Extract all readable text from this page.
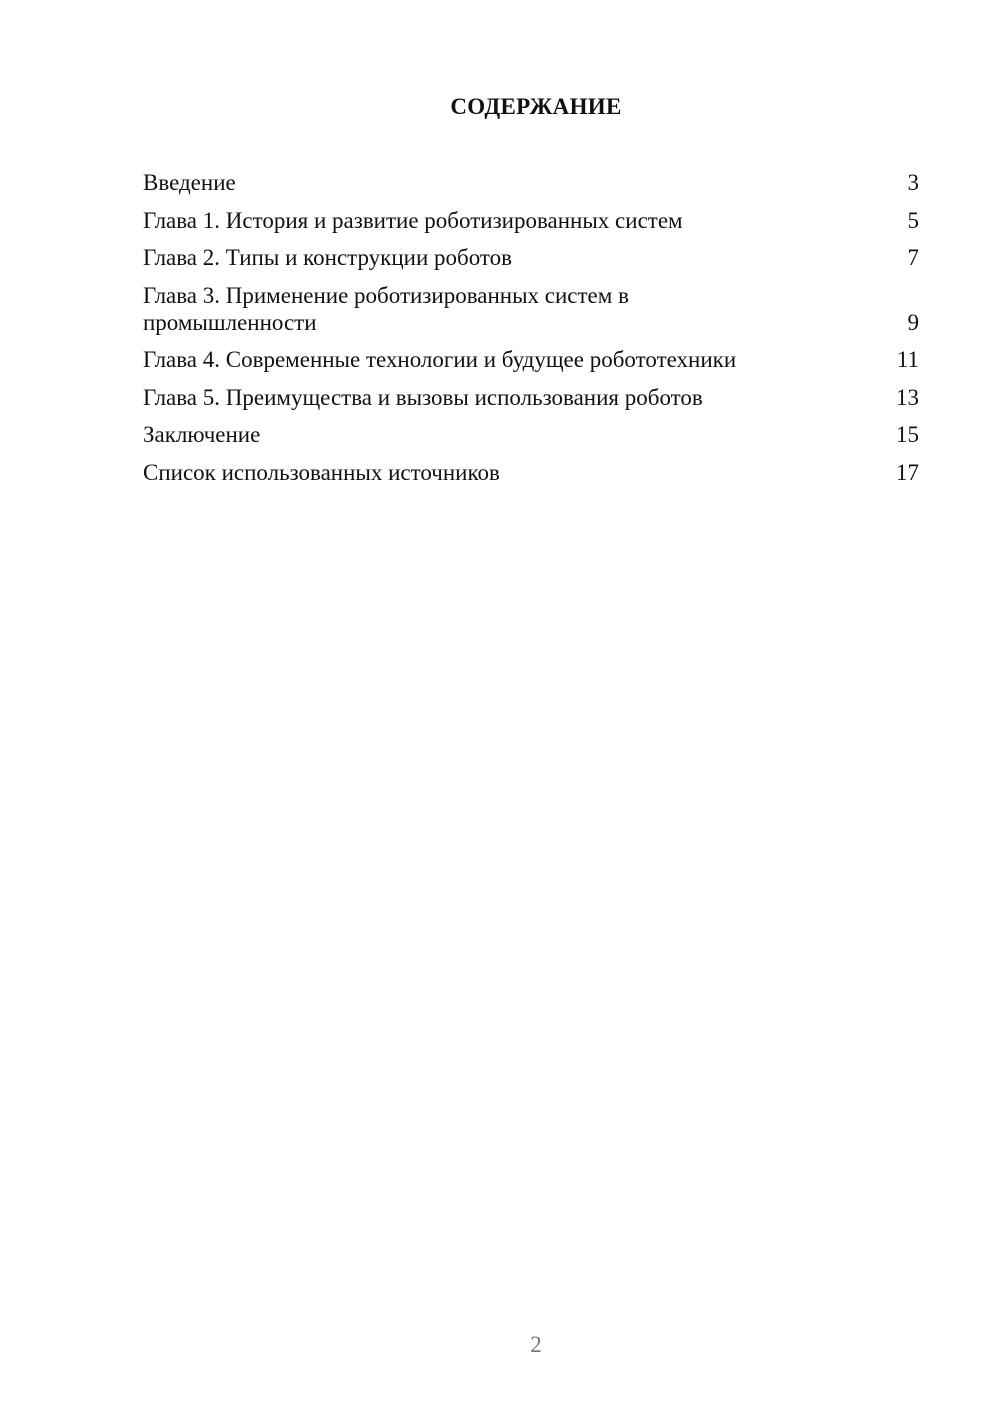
СОДЕРЖАНИЕ
Введение	3
Глава 1. История и развитие роботизированных систем	5
Глава 2. Типы и конструкции роботов	7
Глава 3. Применение роботизированных систем в промышленности	9
Глава 4. Современные технологии и будущее робототехники	11
Глава 5. Преимущества и вызовы использования роботов	13
Заключение	15
Список использованных источников	17
2
